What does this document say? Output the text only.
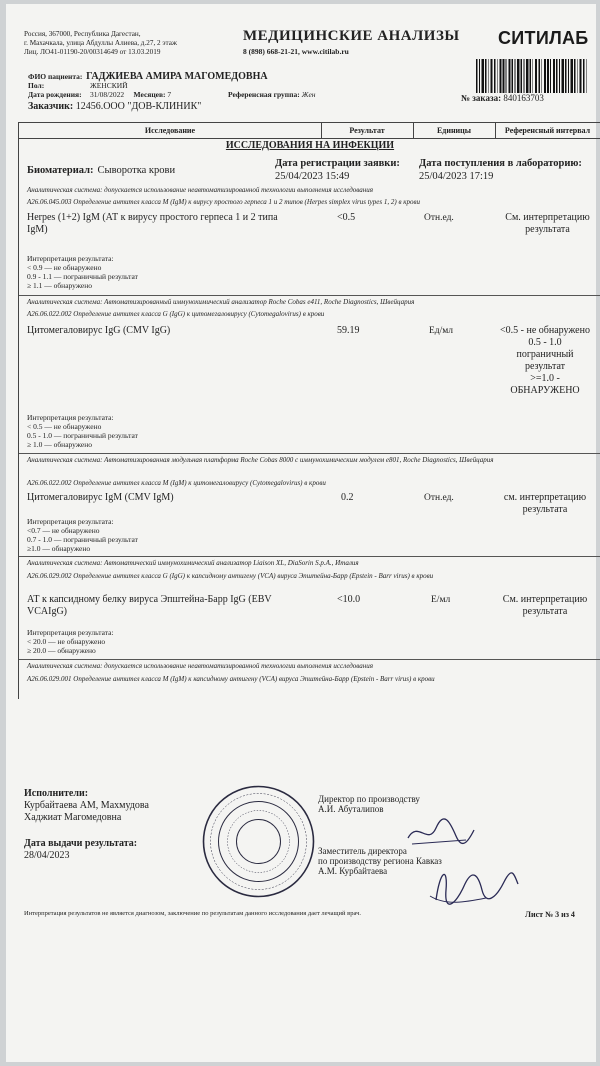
Россия, 367000, Республика Дагестан,
г. Махачкала, улица Абдуллы Алиева, д.27, 2 этаж
Лиц. ЛО41-01190-20/00314649 от 13.03.2019
МЕДИЦИНСКИЕ АНАЛИЗЫ
8 (898) 668-21-21, www.citilab.ru
СИТИЛАБ
№ заказа: 840163703
ФИО пациента: ГАДЖИЕВА АМИРА МАГОМЕДОВНА
Пол:	ЖЕНСКИЙ
Дата рождения: 31/08/2022 Месяцев: 7	Референсная группа: Жен
Заказчик: 12456.ООО "ДОВ-КЛИНИК"
Исследование	Результат	Единицы	Референсный интервал
ИССЛЕДОВАНИЯ НА ИНФЕКЦИИ
Биоматериал: Сыворотка крови
Дата регистрации заявки:
25/04/2023 15:49
Дата поступления в лабораторию:
25/04/2023 17:19
Аналитическая система: допускается использование неавтоматизированной технологии выполнения исследования
A26.06.045.003 Определение антител класса M (IgM) к вирусу простого герпеса 1 и 2 типов (Herpes simplex virus types 1, 2) в крови
Herpes (1+2) IgM (АТ к вирусу простого герпеса 1 и 2 типа IgM)
<0.5	Отн.ед.	См. интерпретацию результата
Интерпретация результата:
< 0.9 — не обнаружено
0.9 - 1.1 — пограничный результат
≥ 1.1 — обнаружено
Аналитическая система: Автоматизированный иммунохимический анализатор Roche Cobas e411, Roche Diagnostics, Швейцария
A26.06.022.002 Определение антител класса G (IgG) к цитомегаловирусу (Cytomegalovirus) в крови
Цитомегаловирус IgG (CMV IgG)	59.19	Ед/мл	<0.5 - не обнаружено
0.5 - 1.0
пограничный
результат
>=1.0 -
ОБНАРУЖЕНО
Интерпретация результата:
< 0.5 — не обнаружено
0.5 - 1.0 — пограничный результат
≥ 1.0 — обнаружено
Аналитическая система: Автоматизированная модульная платформа Roche Cobas 8000 с иммунохимическим модулем e801, Roche Diagnostics, Швейцария
A26.06.022.002 Определение антител класса M (IgM) к цитомегаловирусу (Cytomegalovirus) в крови
Цитомегаловирус IgM (CMV IgM)	0.2	Отн.ед.	см. интерпретацию результата
Интерпретация результата:
<0.7 — не обнаружено
0.7 - 1.0 — пограничный результат
≥1.0 — обнаружено
Аналитическая система: Автоматический иммунохимический анализатор Liaison XL, DiaSorin S.p.A., Италия
A26.06.029.002 Определение антител класса G (IgG) к капсидному антигену (VCA) вируса Эпштейна-Барр (Epstein - Barr virus) в крови
АТ к капсидному белку вируса Эпштейна-Барр IgG (EBV VCAIgG)
<10.0	Е/мл	См. интерпретацию результата
Интерпретация результата:
< 20.0 — не обнаружено
≥ 20.0 — обнаружено
Аналитическая система: допускается использование неавтоматизированной технологии выполнения исследования
A26.06.029.001 Определение антител класса M (IgM) к капсидному антигену (VCA) вируса Эпштейна-Барр (Epstein - Barr virus) в крови
Исполнители:
Курбайтаева АМ, Махмудова Хаджиат Магомедовна
Дата выдачи результата:
28/04/2023
Директор по производству
А.И. Абуталипов
Заместитель директора
по производству региона Кавказ
А.М. Курбайтаева
Интерпретация результатов не является диагнозом, заключение по результатам данного исследования дает лечащий врач.	Лист № 3 из 4
